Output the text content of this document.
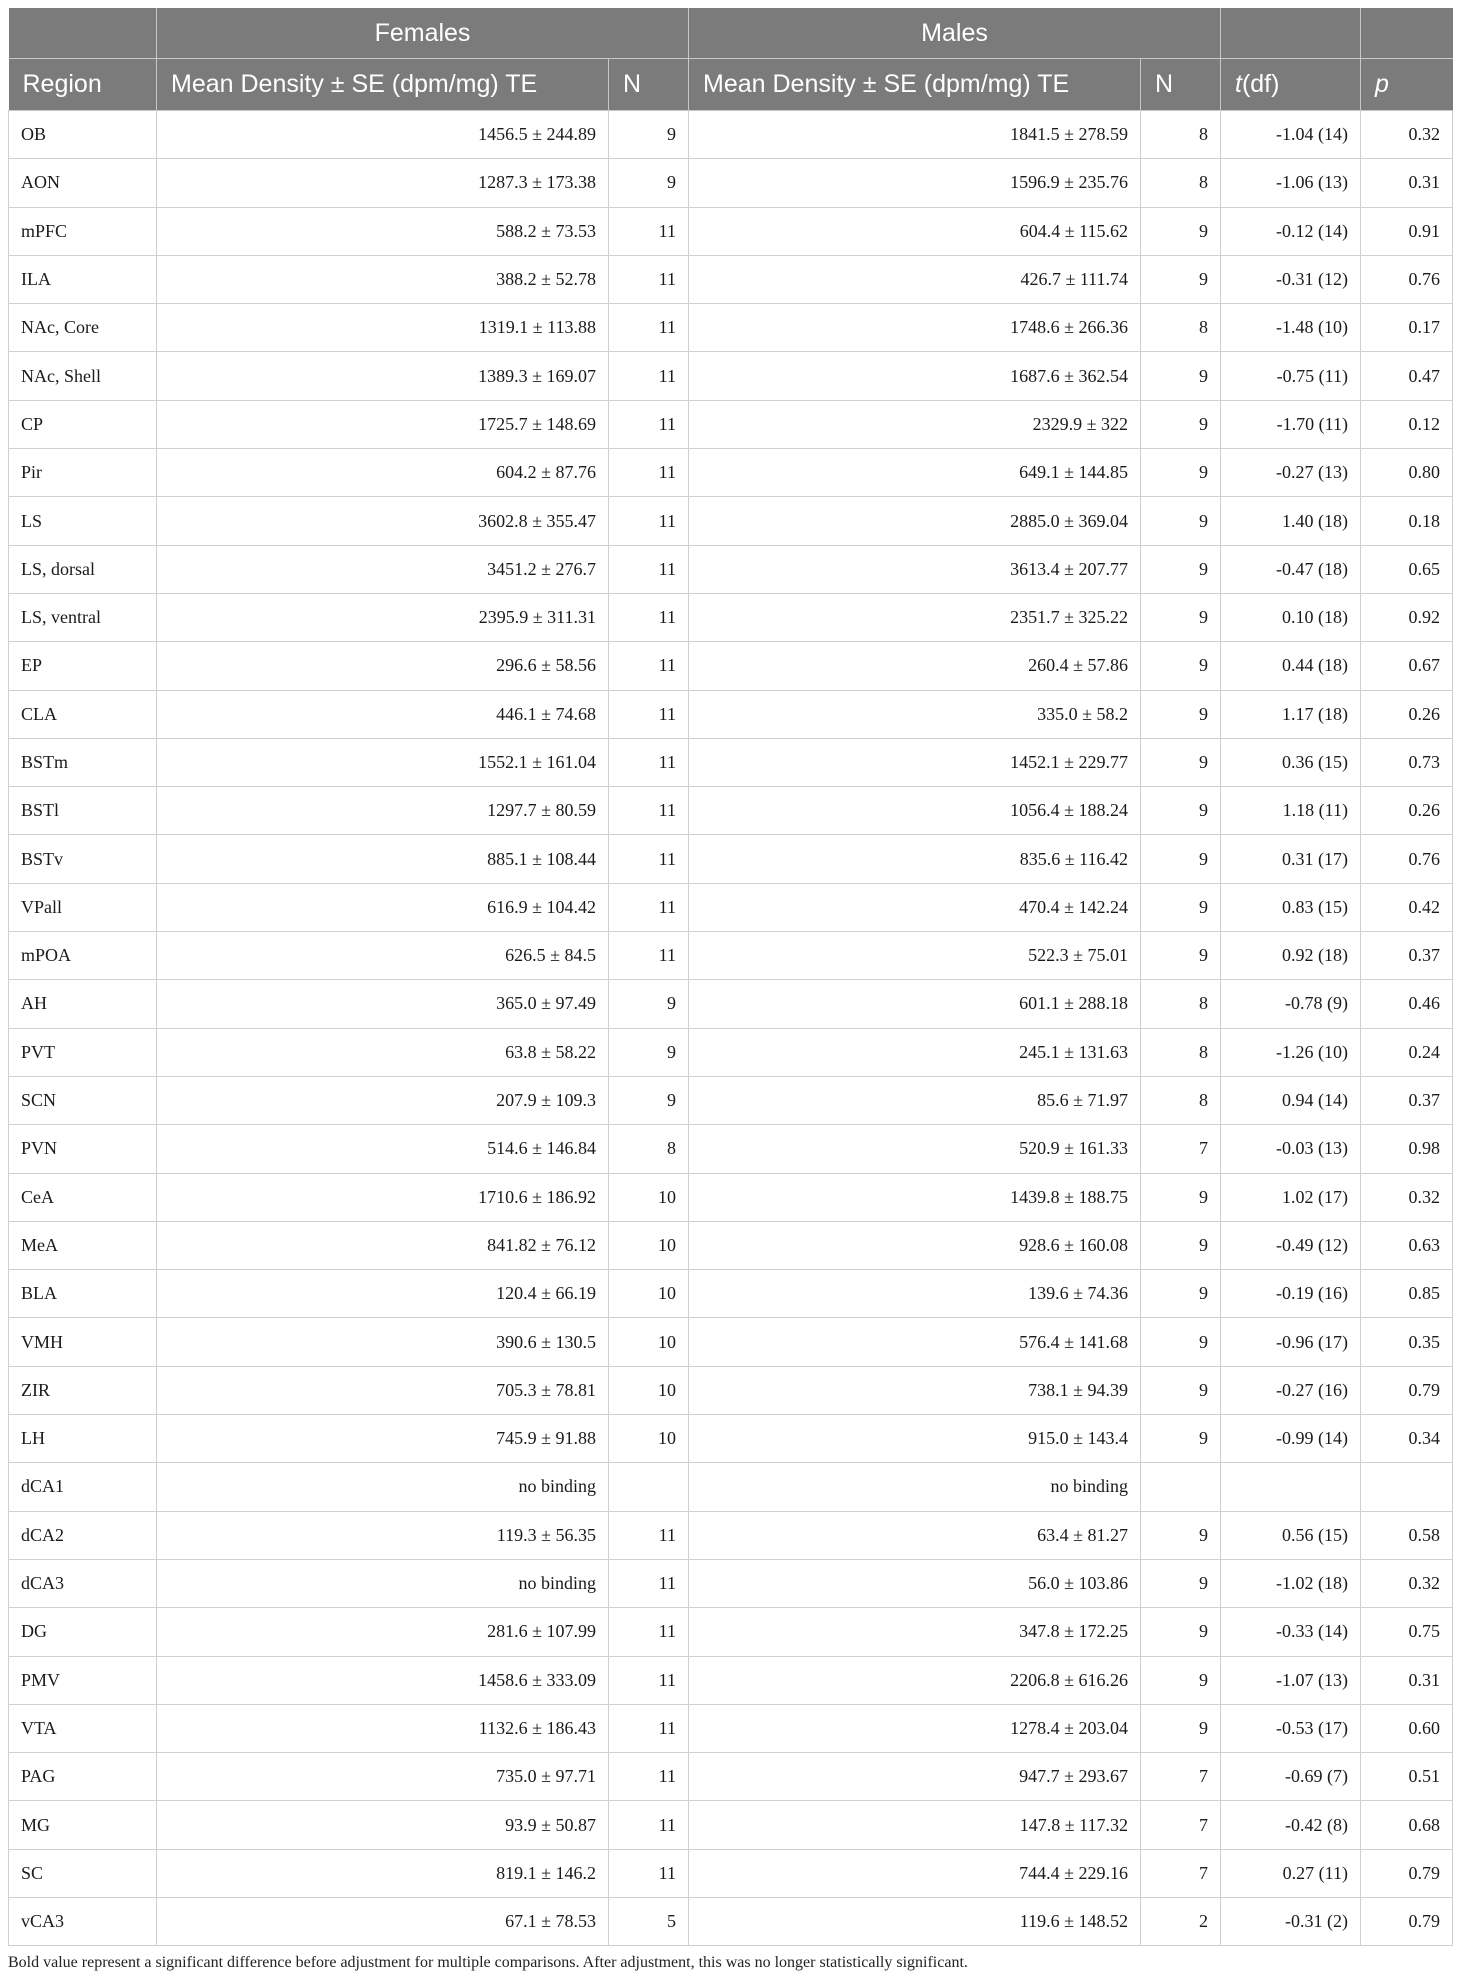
	Females		Males			
Region	Mean Density ± SE (dpm/mg) TE	N	Mean Density ± SE (dpm/mg) TE	N	t(df)	p
OB	1456.5 ± 244.89	9	1841.5 ± 278.59	8	-1.04 (14)	0.32
AON	1287.3 ± 173.38	9	1596.9 ± 235.76	8	-1.06 (13)	0.31
mPFC	588.2 ± 73.53	11	604.4 ± 115.62	9	-0.12 (14)	0.91
ILA	388.2 ± 52.78	11	426.7 ± 111.74	9	-0.31 (12)	0.76
NAc, Core	1319.1 ± 113.88	11	1748.6 ± 266.36	8	-1.48 (10)	0.17
NAc, Shell	1389.3 ± 169.07	11	1687.6 ± 362.54	9	-0.75 (11)	0.47
CP	1725.7 ± 148.69	11	2329.9 ± 322	9	-1.70 (11)	0.12
Pir	604.2 ± 87.76	11	649.1 ± 144.85	9	-0.27 (13)	0.80
LS	3602.8 ± 355.47	11	2885.0 ± 369.04	9	1.40 (18)	0.18
LS, dorsal	3451.2 ± 276.7	11	3613.4 ± 207.77	9	-0.47 (18)	0.65
LS, ventral	2395.9 ± 311.31	11	2351.7 ± 325.22	9	0.10 (18)	0.92
EP	296.6 ± 58.56	11	260.4 ± 57.86	9	0.44 (18)	0.67
CLA	446.1 ± 74.68	11	335.0 ± 58.2	9	1.17 (18)	0.26
BSTm	1552.1 ± 161.04	11	1452.1 ± 229.77	9	0.36 (15)	0.73
BSTl	1297.7 ± 80.59	11	1056.4 ± 188.24	9	1.18 (11)	0.26
BSTv	885.1 ± 108.44	11	835.6 ± 116.42	9	0.31 (17)	0.76
VPall	616.9 ± 104.42	11	470.4 ± 142.24	9	0.83 (15)	0.42
mPOA	626.5 ± 84.5	11	522.3 ± 75.01	9	0.92 (18)	0.37
AH	365.0 ± 97.49	9	601.1 ± 288.18	8	-0.78 (9)	0.46
PVT	63.8 ± 58.22	9	245.1 ± 131.63	8	-1.26 (10)	0.24
SCN	207.9 ± 109.3	9	85.6 ± 71.97	8	0.94 (14)	0.37
PVN	514.6 ± 146.84	8	520.9 ± 161.33	7	-0.03 (13)	0.98
CeA	1710.6 ± 186.92	10	1439.8 ± 188.75	9	1.02 (17)	0.32
MeA	841.82 ± 76.12	10	928.6 ± 160.08	9	-0.49 (12)	0.63
BLA	120.4 ± 66.19	10	139.6 ± 74.36	9	-0.19 (16)	0.85
VMH	390.6 ± 130.5	10	576.4 ± 141.68	9	-0.96 (17)	0.35
ZIR	705.3 ± 78.81	10	738.1 ± 94.39	9	-0.27 (16)	0.79
LH	745.9 ± 91.88	10	915.0 ± 143.4	9	-0.99 (14)	0.34
dCA1	no binding		no binding			
dCA2	119.3 ± 56.35	11	63.4 ± 81.27	9	0.56 (15)	0.58
dCA3	no binding	11	56.0 ± 103.86	9	-1.02 (18)	0.32
DG	281.6 ± 107.99	11	347.8 ± 172.25	9	-0.33 (14)	0.75
PMV	1458.6 ± 333.09	11	2206.8 ± 616.26	9	-1.07 (13)	0.31
VTA	1132.6 ± 186.43	11	1278.4 ± 203.04	9	-0.53 (17)	0.60
PAG	735.0 ± 97.71	11	947.7 ± 293.67	7	-0.69 (7)	0.51
MG	93.9 ± 50.87	11	147.8 ± 117.32	7	-0.42 (8)	0.68
SC	819.1 ± 146.2	11	744.4 ± 229.16	7	0.27 (11)	0.79
vCA3	67.1 ± 78.53	5	119.6 ± 148.52	2	-0.31 (2)	0.79
Bold value represent a significant difference before adjustment for multiple comparisons. After adjustment, this was no longer statistically significant.
